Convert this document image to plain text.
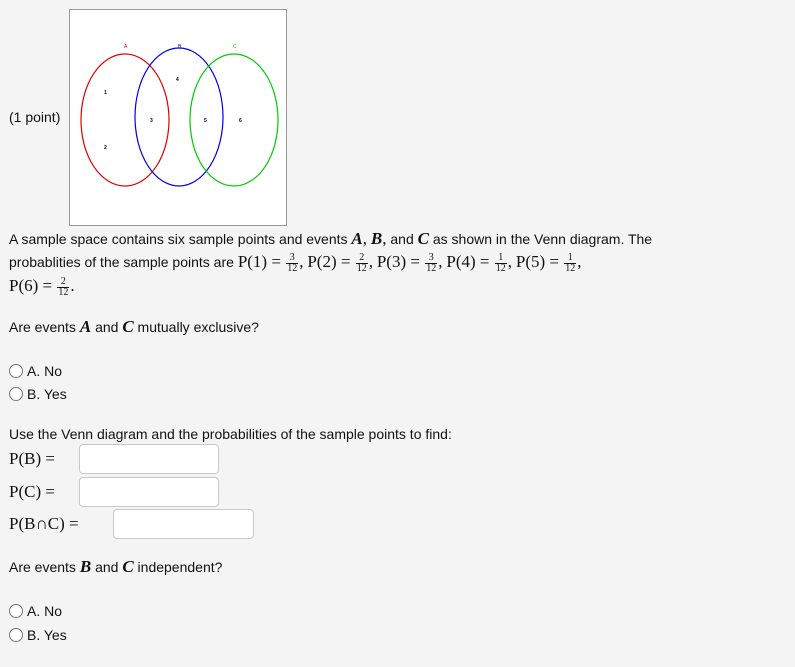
(1 point)
A	B	C
1
2
3
4
5	6
A sample space contains six sample points and events A, B, and C as shown in the Venn diagram. The
probablities of the sample points are $P(1) = \frac{3}{12}$ , $P(2) = \frac{2}{12}$ , $P(3) = \frac{3}{12}$ , $P(4) = \frac{1}{12}$ , $P(5) = \frac{1}{12}$ ,
$P(6) = \frac{2}{12}$ .
Are events A and C mutually exclusive?
A. No
B. Yes
Use the Venn diagram and the probabilities of the sample points to find:
P(B) =
P(C) =
P(B∩C) =
Are events B and C independent?
A. No
B. Yes
